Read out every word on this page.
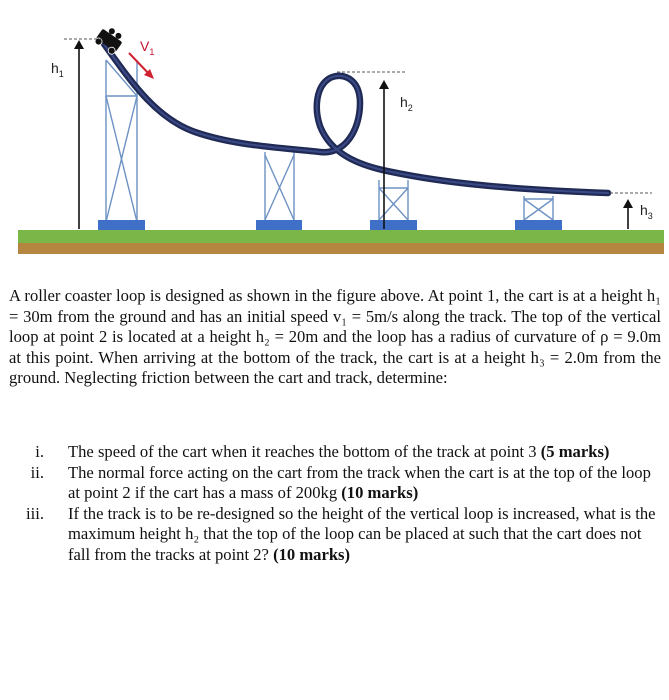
$h_1$
$V_1$
$h_2$
$h_3$
A roller coaster loop is designed as shown in the figure above. At point 1, the cart is at a height h₁ = 30m from the ground and has an initial speed v₁ = 5m/s along the track. The top of the vertical loop at point 2 is located at a height h₂ = 20m and the loop has a radius of curvature of ρ = 9.0m at this point. When arriving at the bottom of the track, the cart is at a height h₃ = 2.0m from the ground. Neglecting friction between the cart and track, determine:
i. The speed of the cart when it reaches the bottom of the track at point 3 (5 marks)
ii. The normal force acting on the cart from the track when the cart is at the top of the loop at point 2 if the cart has a mass of 200kg (10 marks)
iii. If the track is to be re-designed so the height of the vertical loop is increased, what is the maximum height h₂ that the top of the loop can be placed at such that the cart does not fall from the tracks at point 2? (10 marks)
